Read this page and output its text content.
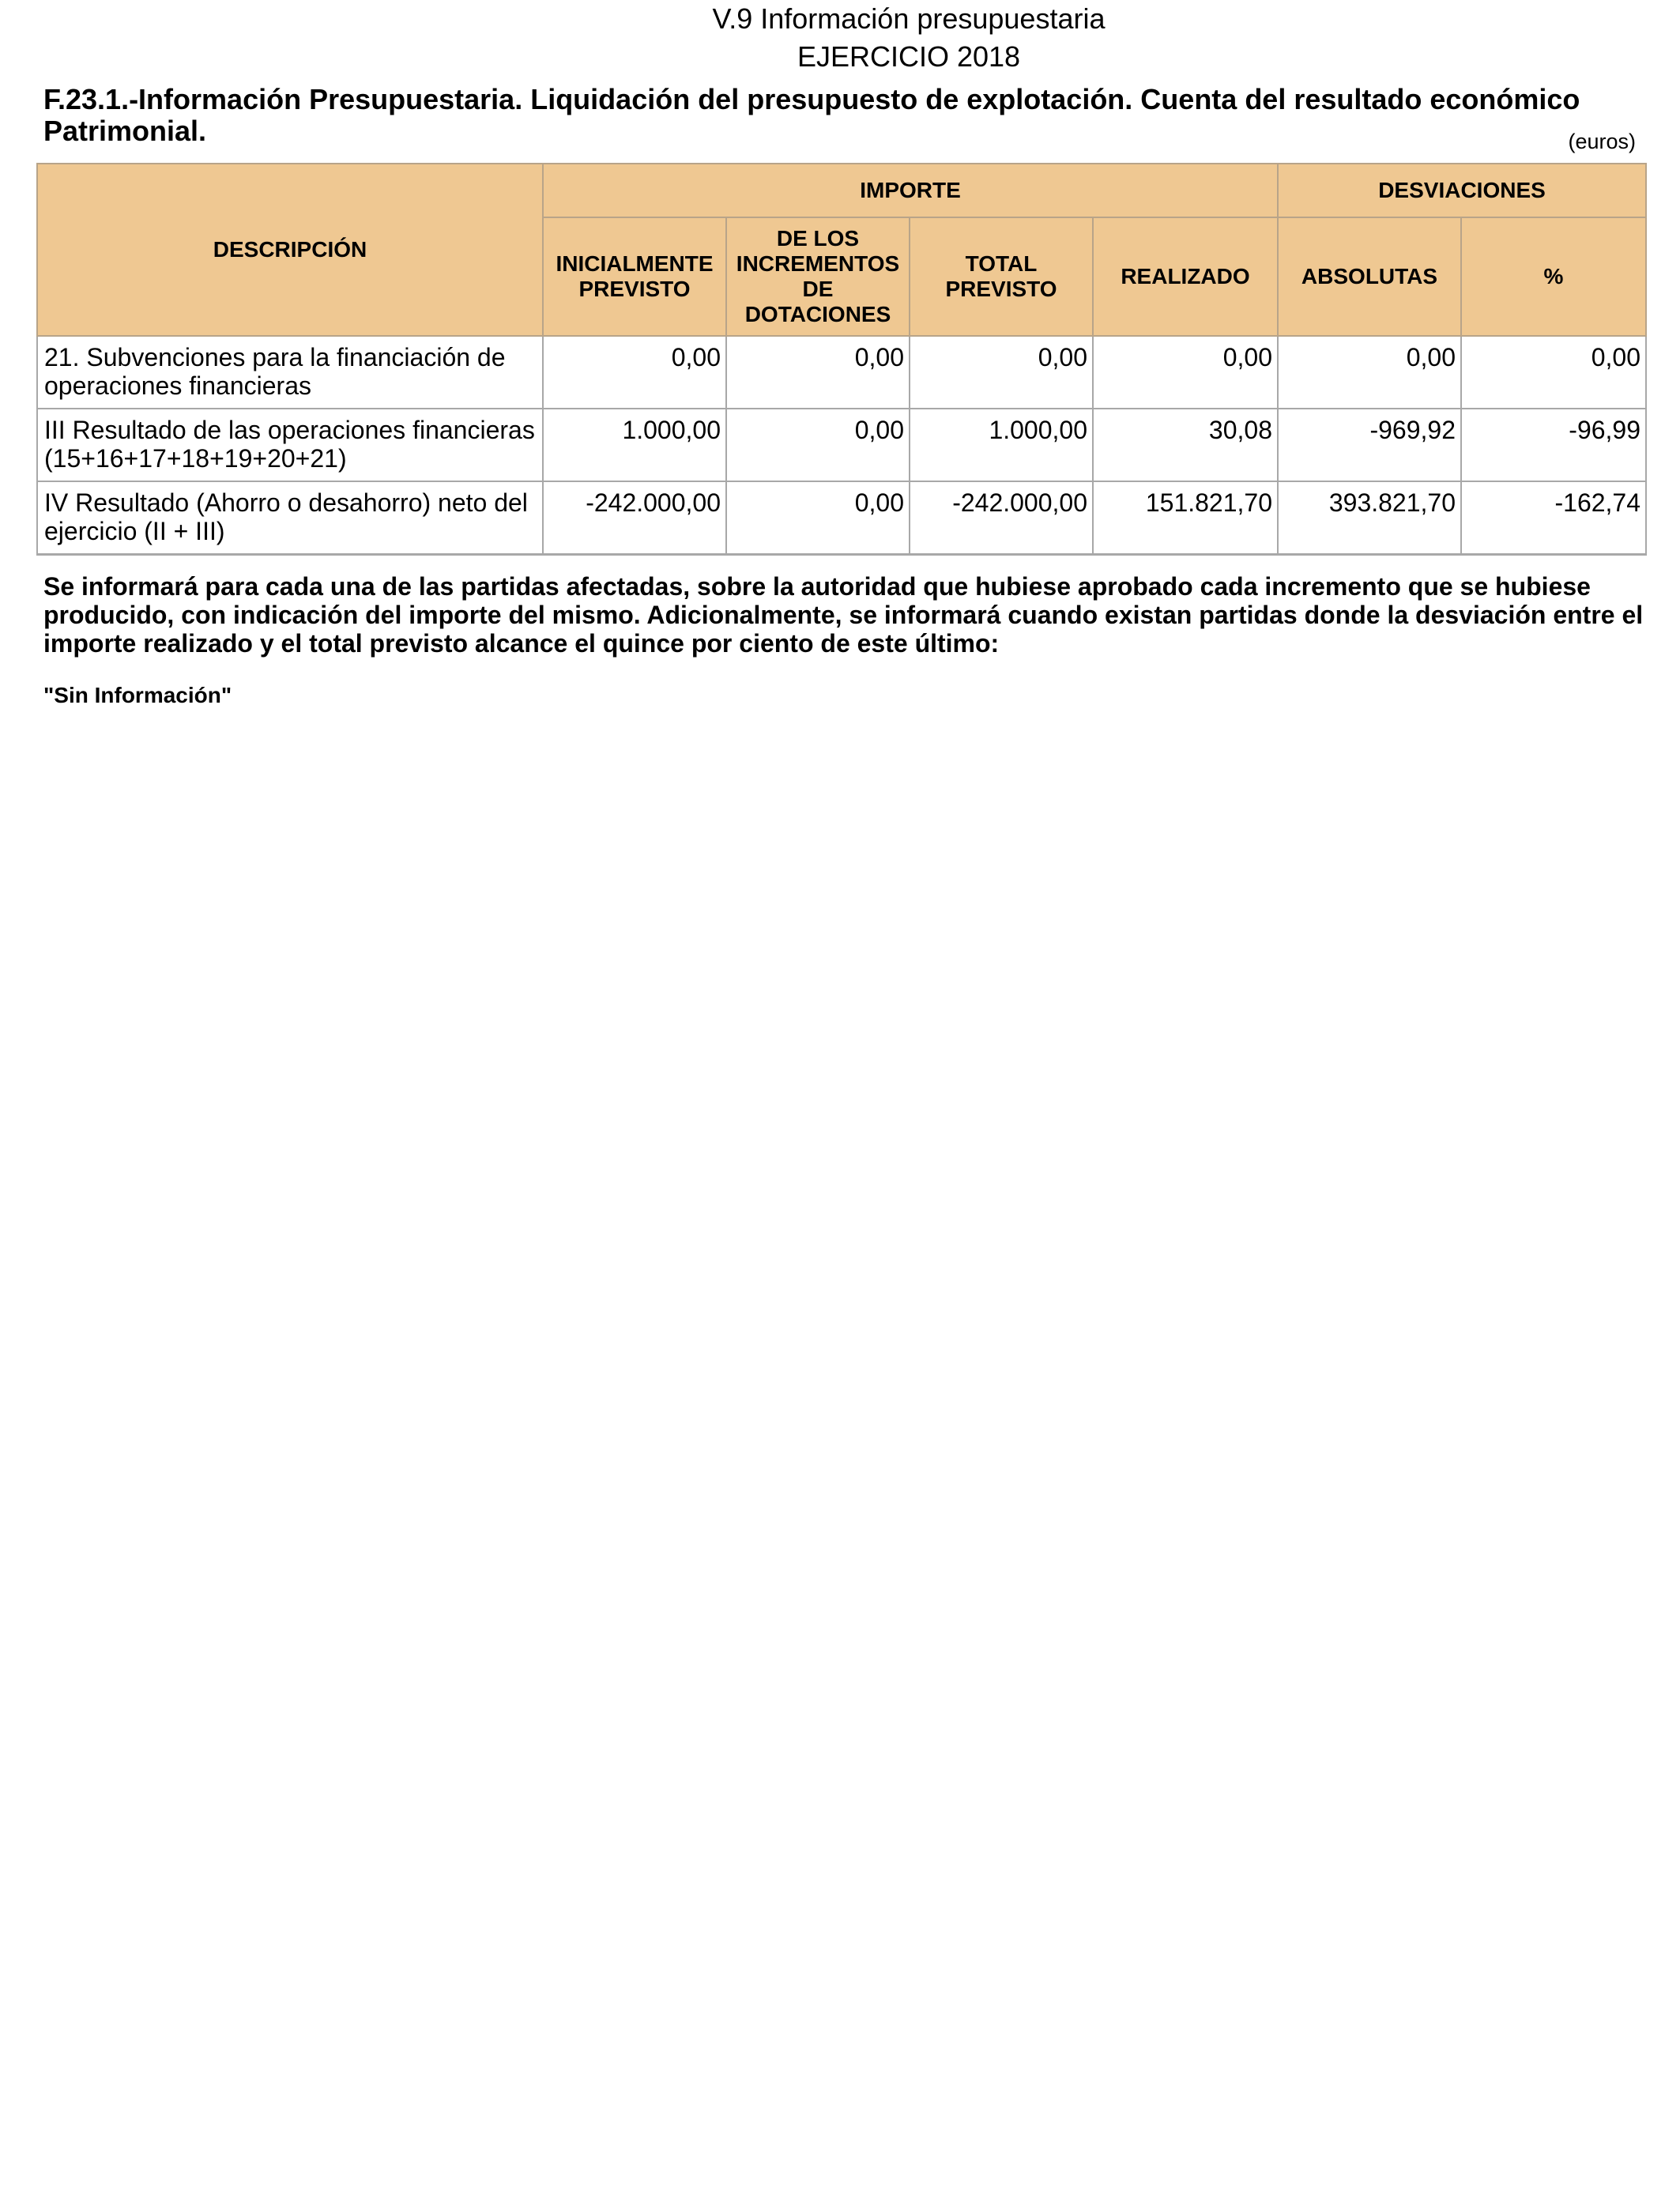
V.9 Información presupuestaria
EJERCICIO 2018
F.23.1.-Información Presupuestaria. Liquidación del presupuesto de explotación. Cuenta del resultado económico Patrimonial.	(euros)
DESCRIPCIÓN	IMPORTE				DESVIACIONES	
	INICIALMENTE PREVISTO	DE LOS INCREMENTOS DE DOTACIONES	TOTAL PREVISTO	REALIZADO	ABSOLUTAS	%
21. Subvenciones para la financiación de operaciones financieras	0,00	0,00	0,00	0,00	0,00	0,00
III Resultado de las operaciones financieras (15+16+17+18+19+20+21)	1.000,00	0,00	1.000,00	30,08	-969,92	-96,99
IV Resultado (Ahorro o desahorro) neto del ejercicio (II + III)	-242.000,00	0,00	-242.000,00	151.821,70	393.821,70	-162,74
Se informará para cada una de las partidas afectadas, sobre la autoridad que hubiese aprobado cada incremento que se hubiese producido, con indicación del importe del mismo. Adicionalmente, se informará cuando existan partidas donde la desviación entre el importe realizado y el total previsto alcance el quince por ciento de este último:
"Sin Información"
